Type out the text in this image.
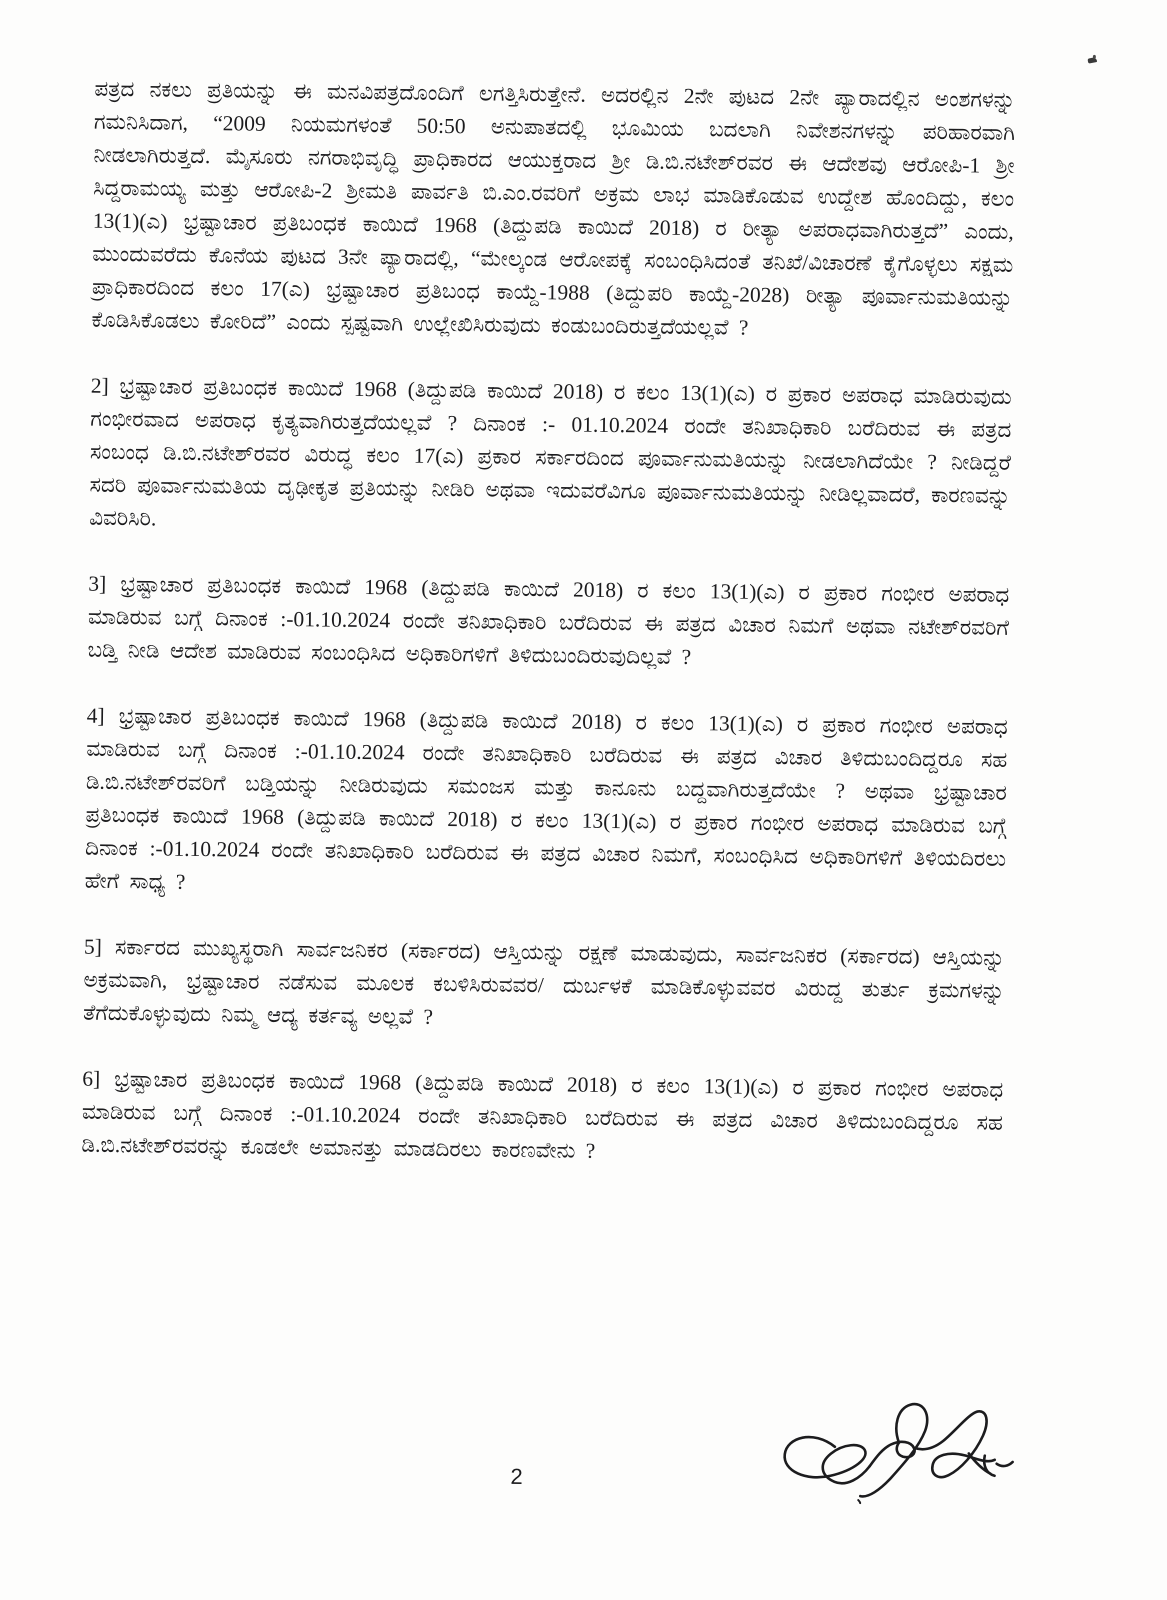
ಪತ್ರದ ನಕಲು ಪ್ರತಿಯನ್ನು ಈ ಮನವಿಪತ್ರದೊಂದಿಗೆ ಲಗತ್ತಿಸಿರುತ್ತೇನೆ. ಅದರಲ್ಲಿನ 2ನೇ ಪುಟದ 2ನೇ ಪ್ಯಾರಾದಲ್ಲಿನ ಅಂಶಗಳನ್ನು ಗಮನಿಸಿದಾಗ, “2009 ನಿಯಮಗಳಂತೆ 50:50 ಅನುಪಾತದಲ್ಲಿ ಭೂಮಿಯ ಬದಲಾಗಿ ನಿವೇಶನಗಳನ್ನು ಪರಿಹಾರವಾಗಿ ನೀಡಲಾಗಿರುತ್ತದೆ. ಮೈಸೂರು ನಗರಾಭಿವೃದ್ಧಿ ಪ್ರಾಧಿಕಾರದ ಆಯುಕ್ತರಾದ ಶ್ರೀ ಡಿ.ಬಿ.ನಟೇಶ್‌ರವರ ಈ ಆದೇಶವು ಆರೋಪಿ-1 ಶ್ರೀ ಸಿದ್ದರಾಮಯ್ಯ ಮತ್ತು ಆರೋಪಿ-2 ಶ್ರೀಮತಿ ಪಾರ್ವತಿ ಬಿ.ಎಂ.ರವರಿಗೆ ಅಕ್ರಮ ಲಾಭ ಮಾಡಿಕೊಡುವ ಉದ್ದೇಶ ಹೊಂದಿದ್ದು, ಕಲಂ 13(1)(ಎ) ಭ್ರಷ್ಟಾಚಾರ ಪ್ರತಿಬಂಧಕ ಕಾಯಿದೆ 1968 (ತಿದ್ದುಪಡಿ ಕಾಯಿದೆ 2018) ರ ರೀತ್ಯಾ ಅಪರಾಧವಾಗಿರುತ್ತದೆ” ಎಂದು, ಮುಂದುವರೆದು ಕೊನೆಯ ಪುಟದ 3ನೇ ಪ್ಯಾರಾದಲ್ಲಿ, “ಮೇಲ್ಕಂಡ ಆರೋಪಕ್ಕೆ ಸಂಬಂಧಿಸಿದಂತೆ ತನಿಖೆ/ವಿಚಾರಣೆ ಕೈಗೊಳ್ಳಲು ಸಕ್ಷಮ ಪ್ರಾಧಿಕಾರದಿಂದ ಕಲಂ 17(ಎ) ಭ್ರಷ್ಟಾಚಾರ ಪ್ರತಿಬಂಧ ಕಾಯ್ದೆ-1988 (ತಿದ್ದುಪರಿ ಕಾಯ್ದೆ-2028) ರೀತ್ಯಾ ಪೂರ್ವಾನುಮತಿಯನ್ನು ಕೊಡಿಸಿಕೊಡಲು ಕೋರಿದೆ” ಎಂದು ಸ್ಪಷ್ಟವಾಗಿ ಉಲ್ಲೇಖಿಸಿರುವುದು ಕಂಡುಬಂದಿರುತ್ತದೆಯಲ್ಲವೆ ?

2] ಭ್ರಷ್ಟಾಚಾರ ಪ್ರತಿಬಂಧಕ ಕಾಯಿದೆ 1968 (ತಿದ್ದುಪಡಿ ಕಾಯಿದೆ 2018) ರ ಕಲಂ 13(1)(ಎ) ರ ಪ್ರಕಾರ ಅಪರಾಧ ಮಾಡಿರುವುದು ಗಂಭೀರವಾದ ಅಪರಾಧ ಕೃತ್ಯವಾಗಿರುತ್ತದೆಯಲ್ಲವೆ ? ದಿನಾಂಕ :- 01.10.2024 ರಂದೇ ತನಿಖಾಧಿಕಾರಿ ಬರೆದಿರುವ ಈ ಪತ್ರದ ಸಂಬಂಧ ಡಿ.ಬಿ.ನಟೇಶ್‌ರವರ ವಿರುದ್ಧ ಕಲಂ 17(ಎ) ಪ್ರಕಾರ ಸರ್ಕಾರದಿಂದ ಪೂರ್ವಾನುಮತಿಯನ್ನು ನೀಡಲಾಗಿದೆಯೇ ? ನೀಡಿದ್ದರೆ ಸದರಿ ಪೂರ್ವಾನುಮತಿಯ ದೃಢೀಕೃತ ಪ್ರತಿಯನ್ನು ನೀಡಿರಿ ಅಥವಾ ಇದುವರೆವಿಗೂ ಪೂರ್ವಾನುಮತಿಯನ್ನು ನೀಡಿಲ್ಲವಾದರೆ, ಕಾರಣವನ್ನು ವಿವರಿಸಿರಿ.

3] ಭ್ರಷ್ಟಾಚಾರ ಪ್ರತಿಬಂಧಕ ಕಾಯಿದೆ 1968 (ತಿದ್ದುಪಡಿ ಕಾಯಿದೆ 2018) ರ ಕಲಂ 13(1)(ಎ) ರ ಪ್ರಕಾರ ಗಂಭೀರ ಅಪರಾಧ ಮಾಡಿರುವ ಬಗ್ಗೆ ದಿನಾಂಕ :-01.10.2024 ರಂದೇ ತನಿಖಾಧಿಕಾರಿ ಬರೆದಿರುವ ಈ ಪತ್ರದ ವಿಚಾರ ನಿಮಗೆ ಅಥವಾ ನಟೇಶ್‌ರವರಿಗೆ ಬಡ್ತಿ ನೀಡಿ ಆದೇಶ ಮಾಡಿರುವ ಸಂಬಂಧಿಸಿದ ಅಧಿಕಾರಿಗಳಿಗೆ ತಿಳಿದುಬಂದಿರುವುದಿಲ್ಲವೆ ?

4] ಭ್ರಷ್ಟಾಚಾರ ಪ್ರತಿಬಂಧಕ ಕಾಯಿದೆ 1968 (ತಿದ್ದುಪಡಿ ಕಾಯಿದೆ 2018) ರ ಕಲಂ 13(1)(ಎ) ರ ಪ್ರಕಾರ ಗಂಭೀರ ಅಪರಾಧ ಮಾಡಿರುವ ಬಗ್ಗೆ ದಿನಾಂಕ :-01.10.2024 ರಂದೇ ತನಿಖಾಧಿಕಾರಿ ಬರೆದಿರುವ ಈ ಪತ್ರದ ವಿಚಾರ ತಿಳಿದುಬಂದಿದ್ದರೂ ಸಹ ಡಿ.ಬಿ.ನಟೇಶ್‌ರವರಿಗೆ ಬಡ್ತಿಯನ್ನು ನೀಡಿರುವುದು ಸಮಂಜಸ ಮತ್ತು ಕಾನೂನು ಬದ್ದವಾಗಿರುತ್ತದೆಯೇ ? ಅಥವಾ ಭ್ರಷ್ಟಾಚಾರ ಪ್ರತಿಬಂಧಕ ಕಾಯಿದೆ 1968 (ತಿದ್ದುಪಡಿ ಕಾಯಿದೆ 2018) ರ ಕಲಂ 13(1)(ಎ) ರ ಪ್ರಕಾರ ಗಂಭೀರ ಅಪರಾಧ ಮಾಡಿರುವ ಬಗ್ಗೆ ದಿನಾಂಕ :-01.10.2024 ರಂದೇ ತನಿಖಾಧಿಕಾರಿ ಬರೆದಿರುವ ಈ ಪತ್ರದ ವಿಚಾರ ನಿಮಗೆ, ಸಂಬಂಧಿಸಿದ ಅಧಿಕಾರಿಗಳಿಗೆ ತಿಳಿಯದಿರಲು ಹೇಗೆ ಸಾಧ್ಯ ?

5] ಸರ್ಕಾರದ ಮುಖ್ಯಸ್ಥರಾಗಿ ಸಾರ್ವಜನಿಕರ (ಸರ್ಕಾರದ) ಆಸ್ತಿಯನ್ನು ರಕ್ಷಣೆ ಮಾಡುವುದು, ಸಾರ್ವಜನಿಕರ (ಸರ್ಕಾರದ) ಆಸ್ತಿಯನ್ನು ಅಕ್ರಮವಾಗಿ, ಭ್ರಷ್ಟಾಚಾರ ನಡೆಸುವ ಮೂಲಕ ಕಬಳಿಸಿರುವವರ/ ದುರ್ಬಳಕೆ ಮಾಡಿಕೊಳ್ಳುವವರ ವಿರುದ್ದ ತುರ್ತು ಕ್ರಮಗಳನ್ನು ತೆಗೆದುಕೊಳ್ಳುವುದು ನಿಮ್ಮ ಆದ್ಯ ಕರ್ತವ್ಯ ಅಲ್ಲವೆ ?

6] ಭ್ರಷ್ಟಾಚಾರ ಪ್ರತಿಬಂಧಕ ಕಾಯಿದೆ 1968 (ತಿದ್ದುಪಡಿ ಕಾಯಿದೆ 2018) ರ ಕಲಂ 13(1)(ಎ) ರ ಪ್ರಕಾರ ಗಂಭೀರ ಅಪರಾಧ ಮಾಡಿರುವ ಬಗ್ಗೆ ದಿನಾಂಕ :-01.10.2024 ರಂದೇ ತನಿಖಾಧಿಕಾರಿ ಬರೆದಿರುವ ಈ ಪತ್ರದ ವಿಚಾರ ತಿಳಿದುಬಂದಿದ್ದರೂ ಸಹ ಡಿ.ಬಿ.ನಟೇಶ್‌ರವರನ್ನು ಕೂಡಲೇ ಅಮಾನತ್ತು ಮಾಡದಿರಲು ಕಾರಣವೇನು ?

2
